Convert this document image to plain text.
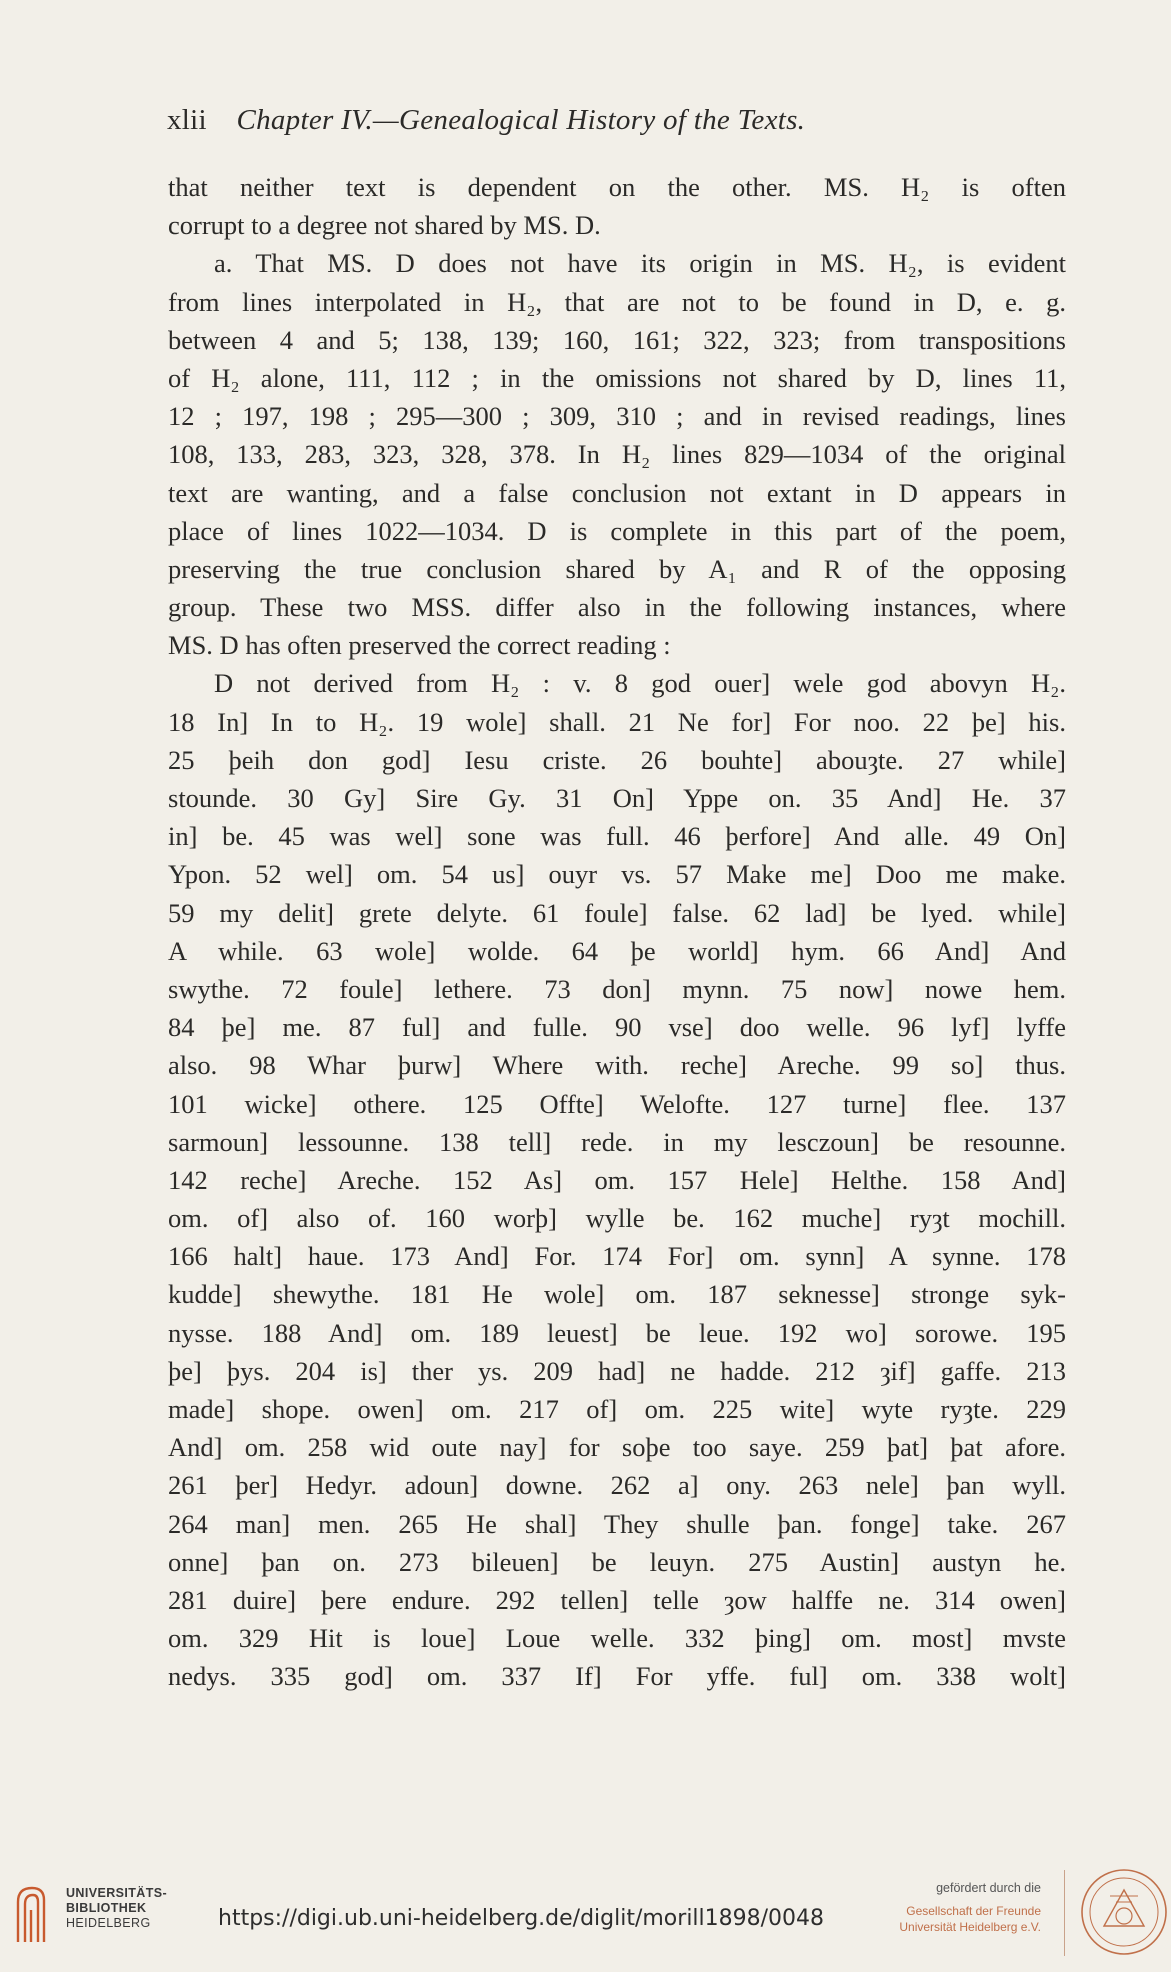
xlii Chapter IV.—Genealogical History of the Texts.
that neither text is dependent on the other. MS. H₂ is often
corrupt to a degree not shared by MS. D.
a. That MS. D does not have its origin in MS. H₂, is evident
from lines interpolated in H₂, that are not to be found in D, e. g.
between 4 and 5; 138, 139; 160, 161; 322, 323; from transpositions
of H₂ alone, 111, 112 ; in the omissions not shared by D, lines 11,
12 ; 197, 198 ; 295—300 ; 309, 310 ; and in revised readings, lines
108, 133, 283, 323, 328, 378. In H₂ lines 829—1034 of the original
text are wanting, and a false conclusion not extant in D appears in
place of lines 1022—1034. D is complete in this part of the poem,
preserving the true conclusion shared by A₁ and R of the opposing
group. These two MSS. differ also in the following instances, where
MS. D has often preserved the correct reading :
D not derived from H₂ : v. 8 god ouer] wele god abovyn H₂.
18 In] In to H₂. 19 wole] shall. 21 Ne for] For noo. 22 þe] his.
25 þeih don god] Iesu criste. 26 bouhte] abouȝte. 27 while]
stounde. 30 Gy] Sire Gy. 31 On] Yppe on. 35 And] He. 37
in] be. 45 was wel] sone was full. 46 þerfore] And alle. 49 On]
Ypon. 52 wel] om. 54 us] ouyr vs. 57 Make me] Doo me make.
59 my delit] grete delyte. 61 foule] false. 62 lad] be lyed. while]
A while. 63 wole] wolde. 64 þe world] hym. 66 And] And
swythe. 72 foule] lethere. 73 don] mynn. 75 now] nowe hem.
84 þe] me. 87 ful] and fulle. 90 vse] doo welle. 96 lyf] lyffe
also. 98 Whar þurw] Where with. reche] Areche. 99 so] thus.
101 wicke] othere. 125 Offte] Welofte. 127 turne] flee. 137
sarmoun] lessounne. 138 tell] rede. in my lesczoun] be resounne.
142 reche] Areche. 152 As] om. 157 Hele] Helthe. 158 And]
om. of] also of. 160 worþ] wylle be. 162 muche] ryȝt mochill.
166 halt] haue. 173 And] For. 174 For] om. synn] A synne. 178
kudde] shewythe. 181 He wole] om. 187 seknesse] stronge syk-
nysse. 188 And] om. 189 leuest] be leue. 192 wo] sorowe. 195
þe] þys. 204 is] ther ys. 209 had] ne hadde. 212 ȝif] gaffe. 213
made] shope. owen] om. 217 of] om. 225 wite] wyte ryȝte. 229
And] om. 258 wid oute nay] for soþe too saye. 259 þat] þat afore.
261 þer] Hedyr. adoun] downe. 262 a] ony. 263 nele] þan wyll.
264 man] men. 265 He shal] They shulle þan. fonge] take. 267
onne] þan on. 273 bileuen] be leuyn. 275 Austin] austyn he.
281 duire] þere endure. 292 tellen] telle ȝow halffe ne. 314 owen]
om. 329 Hit is loue] Loue welle. 332 þing] om. most] mvste
nedys. 335 god] om. 337 If] For yffe. ful] om. 338 wolt]
UNIVERSITÄTS-
BIBLIOTHEK
HEIDELBERG	https://digi.ub.uni-heidelberg.de/diglit/morill1898/0048
gefördert durch die
Gesellschaft der Freunde
Universität Heidelberg e.V.
